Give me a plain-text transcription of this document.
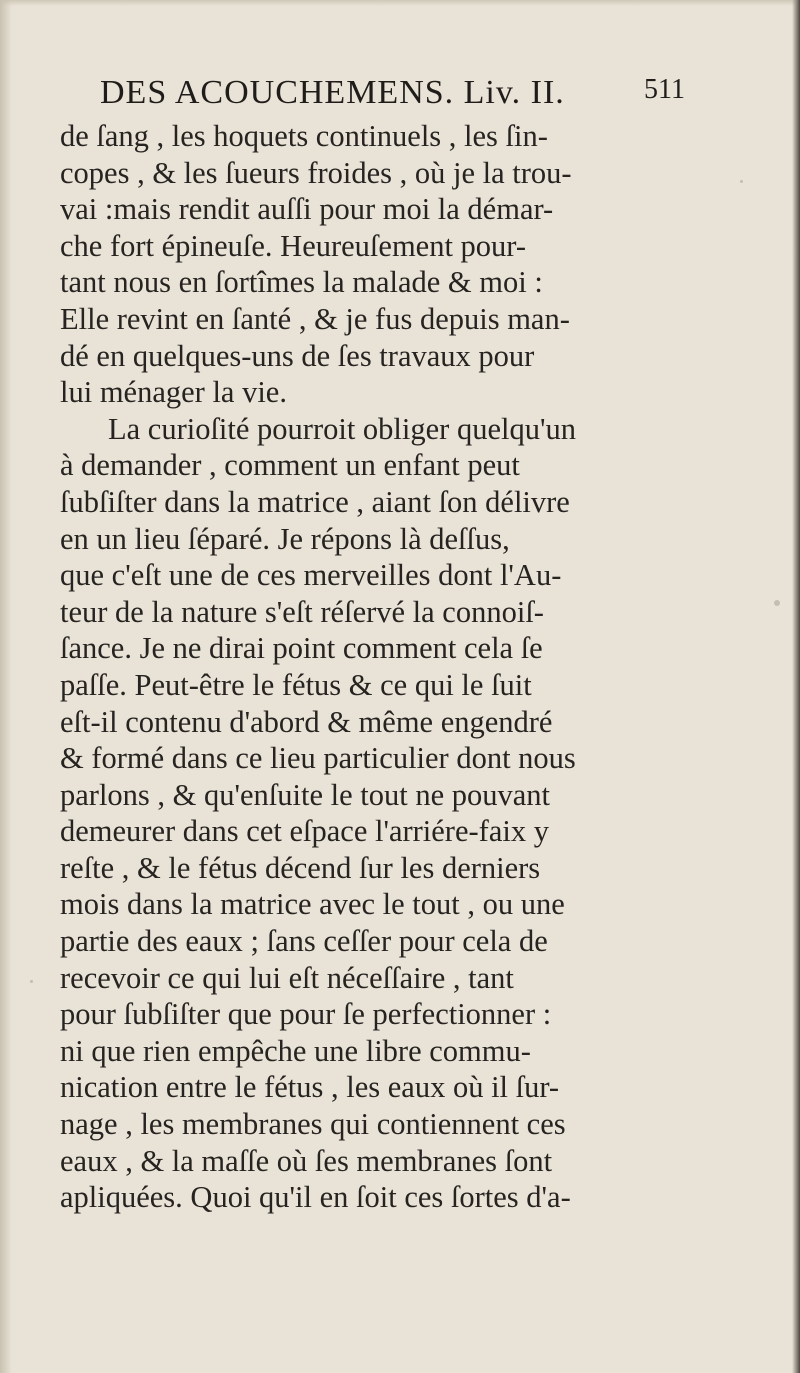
DES ACOUCHEMENS. Liv. II.	511
de ſang , les hoquets continuels , les ſin-
copes , & les ſueurs froides , où je la trou-
vai :mais rendit auſſi pour moi la démar-
che fort épineuſe. Heureuſement pour-
tant nous en ſortîmes la malade & moi :
Elle revint en ſanté , & je fus depuis man-
dé en quelques-uns de ſes travaux pour
lui ménager la vie.
La curioſité pourroit obliger quelqu'un
à demander , comment un enfant peut
ſubſiſter dans la matrice , aiant ſon délivre
en un lieu ſéparé. Je répons là deſſus,
que c'eſt une de ces merveilles dont l'Au-
teur de la nature s'eſt réſervé la connoiſ-
ſance. Je ne dirai point comment cela ſe
paſſe. Peut-être le fétus & ce qui le ſuit
eſt-il contenu d'abord & même engendré
& formé dans ce lieu particulier dont nous
parlons , & qu'enſuite le tout ne pouvant
demeurer dans cet eſpace l'arriére-faix y
reſte , & le fétus décend ſur les derniers
mois dans la matrice avec le tout , ou une
partie des eaux ; ſans ceſſer pour cela de
recevoir ce qui lui eſt néceſſaire , tant
pour ſubſiſter que pour ſe perfectionner :
ni que rien empêche une libre commu-
nication entre le fétus , les eaux où il ſur-
nage , les membranes qui contiennent ces
eaux , & la maſſe où ſes membranes ſont
apliquées. Quoi qu'il en ſoit ces ſortes d'a-
